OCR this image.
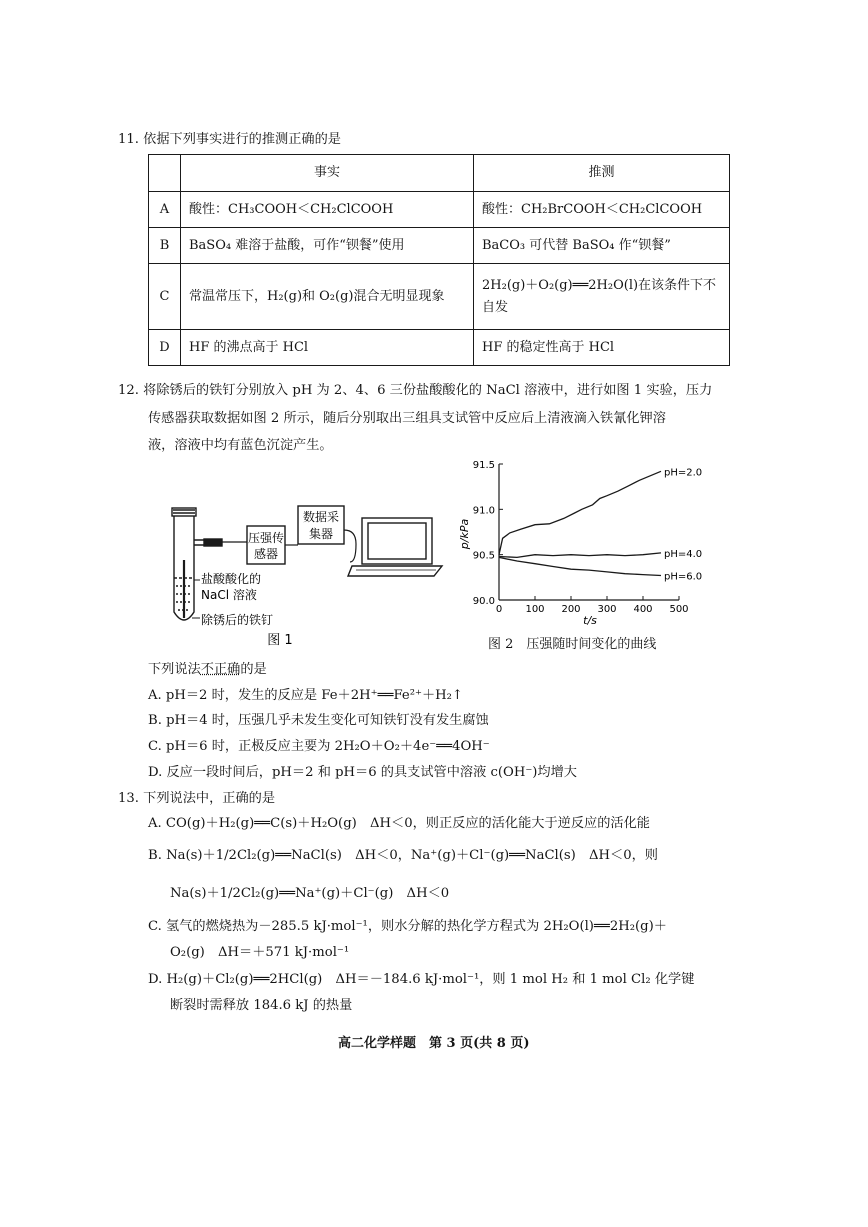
11. 依据下列事实进行的推测正确的是
	事实	推测
A	酸性：CH₃COOH＜CH₂ClCOOH	酸性：CH₂BrCOOH＜CH₂ClCOOH
B	BaSO₄ 难溶于盐酸，可作“钡餐”使用	BaCO₃ 可代替 BaSO₄ 作“钡餐”
C	常温常压下，H₂(g)和 O₂(g)混合无明显现象	2H₂(g)＋O₂(g)══2H₂O(l)在该条件下不自发
D	HF 的沸点高于 HCl	HF 的稳定性高于 HCl
12. 将除锈后的铁钉分别放入 pH 为 2、4、6 三份盐酸酸化的 NaCl 溶液中，进行如图 1 实验，压力
传感器获取数据如图 2 所示，随后分别取出三组具支试管中反应后上清液滴入铁氰化钾溶
液，溶液中均有蓝色沉淀产生。
压强传
感器
数据采
集器
盐酸酸化的
NaCl 溶液
除锈后的铁钉
图 1
0 100 200 300 400 500
90.0
90.5
91.0
91.5
pH=2.0
pH=4.0
pH=6.0
p/kPa
t/s
图 2　压强随时间变化的曲线
下列说法不正确的是
A. pH＝2 时，发生的反应是 Fe＋2H⁺══Fe²⁺＋H₂↑
B. pH＝4 时，压强几乎未发生变化可知铁钉没有发生腐蚀
C. pH＝6 时，正极反应主要为 2H₂O＋O₂＋4e⁻══4OH⁻
D. 反应一段时间后，pH＝2 和 pH＝6 的具支试管中溶液 c(OH⁻)均增大
13. 下列说法中，正确的是
A. CO(g)＋H₂(g)══C(s)＋H₂O(g)　ΔH＜0，则正反应的活化能大于逆反应的活化能
B. Na(s)＋1/2Cl₂(g)══NaCl(s)　ΔH＜0，Na⁺(g)＋Cl⁻(g)══NaCl(s)　ΔH＜0，则
Na(s)＋1/2Cl₂(g)══Na⁺(g)＋Cl⁻(g)　ΔH＜0
C. 氢气的燃烧热为－285.5 kJ·mol⁻¹，则水分解的热化学方程式为 2H₂O(l)══2H₂(g)＋
O₂(g)　ΔH＝＋571 kJ·mol⁻¹
D. H₂(g)＋Cl₂(g)══2HCl(g)　ΔH＝－184.6 kJ·mol⁻¹，则 1 mol H₂ 和 1 mol Cl₂ 化学键
断裂时需释放 184.6 kJ 的热量
高二化学样题　第 3 页(共 8 页)
